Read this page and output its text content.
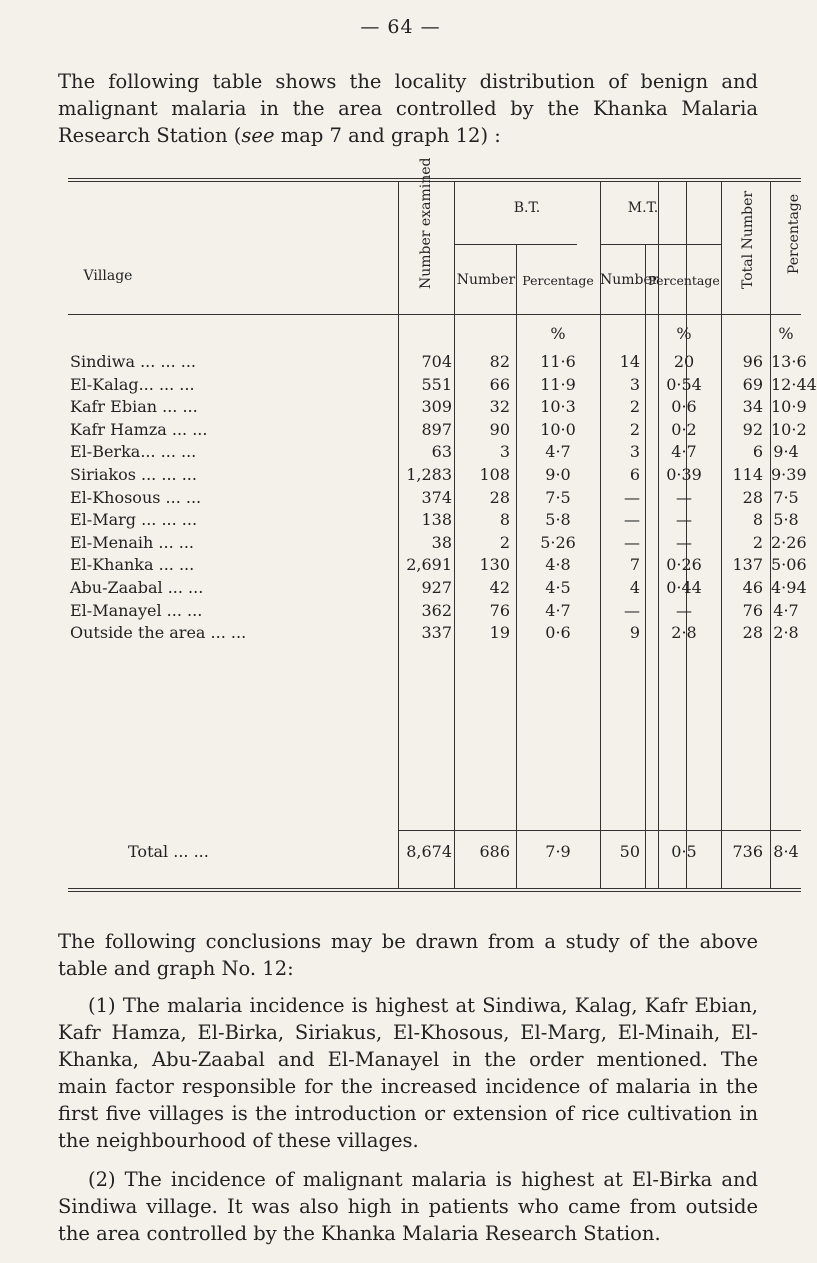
— 64 —
The following table shows the locality distribution of benign and malignant malaria in the area controlled by the Khanka Malaria Research Station (see map 7 and graph 12) :
Village	Number examined	B.T.	M.T.
Number Percentage Number
%
Sindiwa ... ... ...	704	82	11·6	14	20	96 13·6
El-Kalag... ... ...	551	66	11·9	3	0·54	69 12·44
Kafr Ebian ... ...	309	32	10·3	2	0·6	34 10·9
Kafr Hamza ... ...	897	90	10·0	2	0·2	92 10·2
El-Berka... ... ...	63	3	4·7	3	4·7	6 9·4
Siriakos ... ... ...	1,283	108	9·0	6	0·39	114 9·39
El-Khosous ... ...	374	28	7·5	—	—	28 7·5
El-Marg ... ... ...	138	8	5·8	—	—	8 5·8
El-Menaih ... ...	38	2	5·26	—	—	2 2·26
El-Khanka ... ...	2,691	130	4·8	7	0·26	137 5·06
Abu-Zaabal ... ...	927	42	4·5	4	0·44	46 4·94
El-Manayel ... ...	362	76	4·7	—	—	76 4·7
Outside the area ... ...	337	19	0·6	9	2·8	28 2·8
Total ... ...	8,674	686	7·9	50	0·5	736 8·4
Percentage Total Number Percentage
%	%
The following conclusions may be drawn from a study of the above table and graph No. 12:
(1) The malaria incidence is highest at Sindiwa, Kalag, Kafr Ebian, Kafr Hamza, El-Birka, Siriakus, El-Khosous, El-Marg, El-Minaih, El-Khanka, Abu-Zaabal and El-Manayel in the order mentioned. The main factor responsible for the increased incidence of malaria in the first five villages is the introduction or extension of rice cultivation in the neighbourhood of these villages.
(2) The incidence of malignant malaria is highest at El-Birka and Sindiwa village. It was also high in patients who came from outside the area controlled by the Khanka Malaria Research Station.
